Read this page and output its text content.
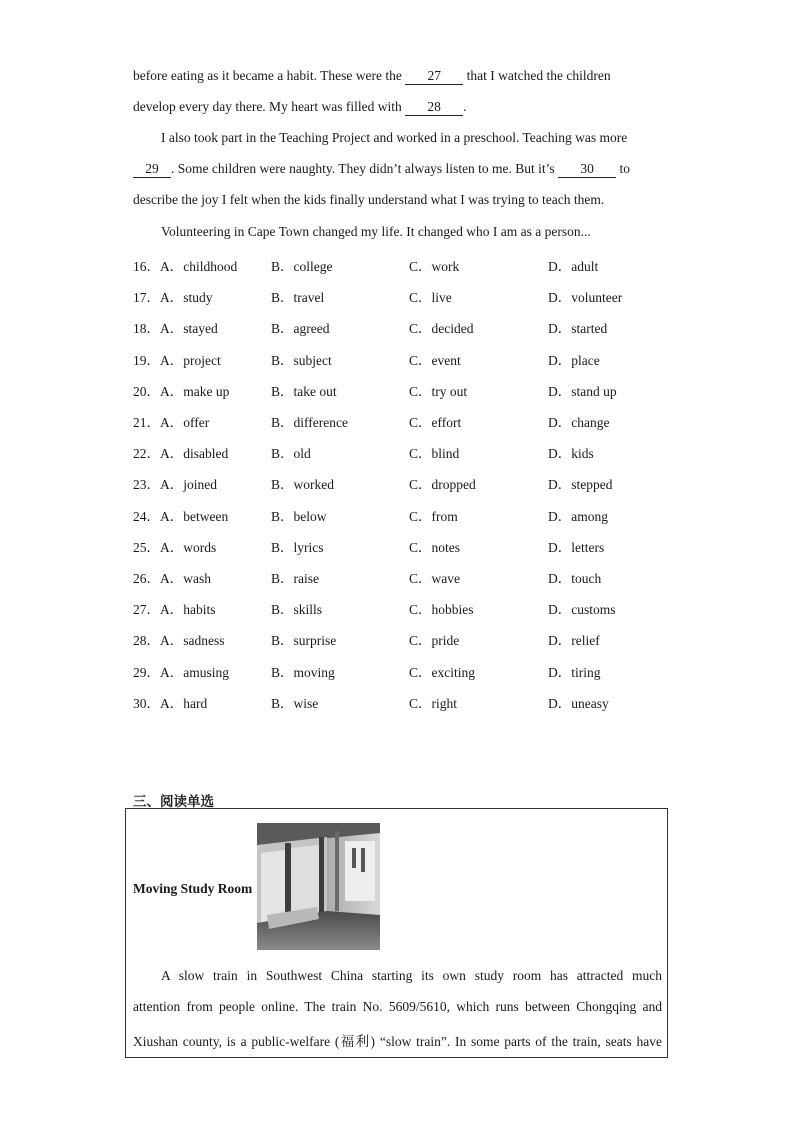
before eating as it became a habit. These were the 27 that I watched the children
develop every day there. My heart was filled with 28 .
I also took part in the Teaching Project and worked in a preschool. Teaching was more
29 . Some children were naughty. They didn’t always listen to me. But it’s 30 to
describe the joy I felt when the kids finally understand what I was trying to teach them.
Volunteering in Cape Town changed my life. It changed who I am as a person...
16． A．childhood	B．college	C．work	D．adult
17． A．study	B．travel	C．live	D．volunteer
18． A．stayed	B．agreed	C．decided	D．started
19． A．project	B．subject	C．event	D．place
20． A．make up	B．take out	C．try out	D．stand up
21． A．offer	B．difference	C．effort	D．change
22． A．disabled	B．old	C．blind	D．kids
23． A．joined	B．worked	C．dropped	D．stepped
24． A．between	B．below	C．from	D．among
25． A．words	B．lyrics	C．notes	D．letters
26． A．wash	B．raise	C．wave	D．touch
27． A．habits	B．skills	C．hobbies	D．customs
28． A．sadness	B．surprise	C．pride	D．relief
29． A．amusing	B．moving	C．exciting	D．tiring
30． A．hard	B．wise	C．right	D．uneasy
三、阅读单选
Moving Study Room
A slow train in Southwest China starting its own study room has attracted much
attention from people online. The train No. 5609/5610, which runs between Chongqing and
Xiushan county, is a public-welfare (福利) “slow train”. In some parts of the train, seats have
